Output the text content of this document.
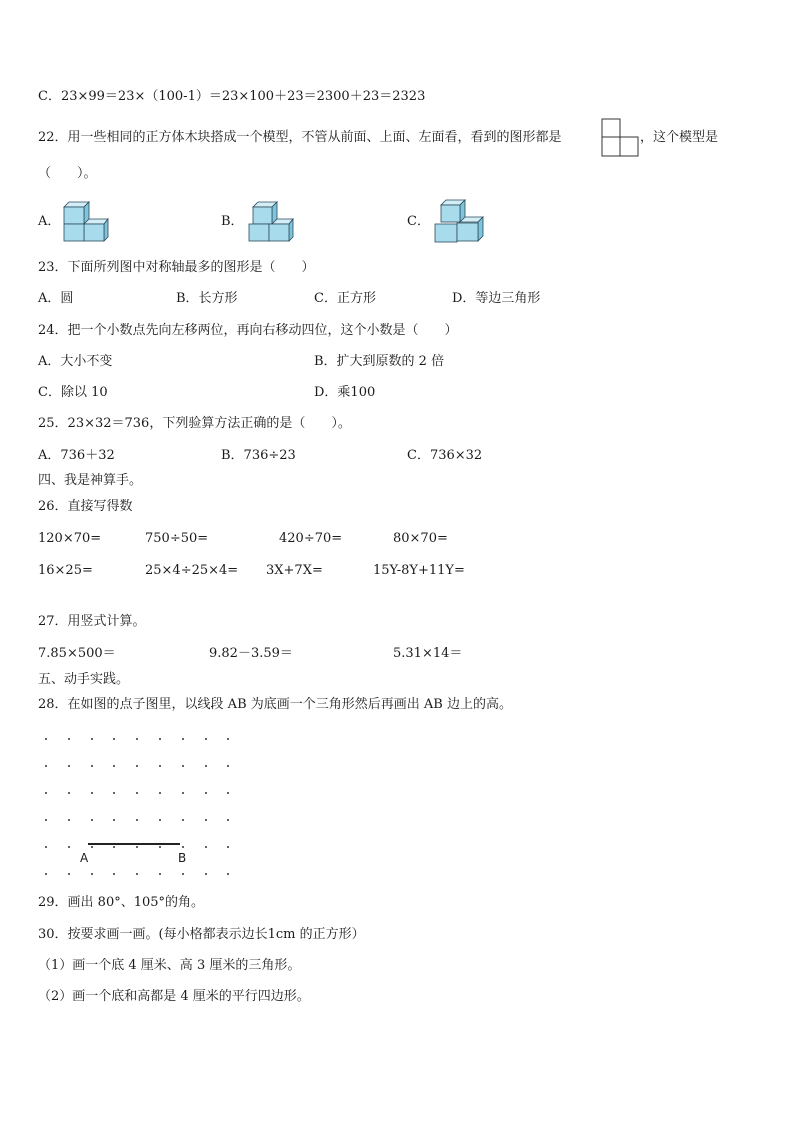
C．23×99＝23×（100-1）＝23×100＋23＝2300＋23＝2323
22．用一些相同的正方体木块搭成一个模型，不管从前面、上面、左面看，看到的图形都是	，这个模型是
（　　）。
A．	B．	C．
23．下面所列图中对称轴最多的图形是（　　）
A．圆	B．长方形	C．正方形	D．等边三角形
24．把一个小数点先向左移两位，再向右移动四位，这个小数是（　　）
A．大小不变	B．扩大到原数的 2 倍
C．除以 10	D．乘100
25．23×32＝736，下列验算方法正确的是（　　）。
A．736＋32	B．736÷23	C．736×32
四、我是神算手。
26．直接写得数
120×70=	750÷50=	420÷70=	80×70=
16×25=	25×4÷25×4= 3X+7X=	15Y-8Y+11Y=
27．用竖式计算。
7.85×500＝	9.82－3.59＝	5.31×14＝
五、动手实践。
28．在如图的点子图里，以线段 AB 为底画一个三角形然后再画出 AB 边上的高。
A	B
29．画出 80°、105°的角。
30．按要求画一画。(每小格都表示边长1cm 的正方形）
（1）画一个底 4 厘米、高 3 厘米的三角形。
（2）画一个底和高都是 4 厘米的平行四边形。
